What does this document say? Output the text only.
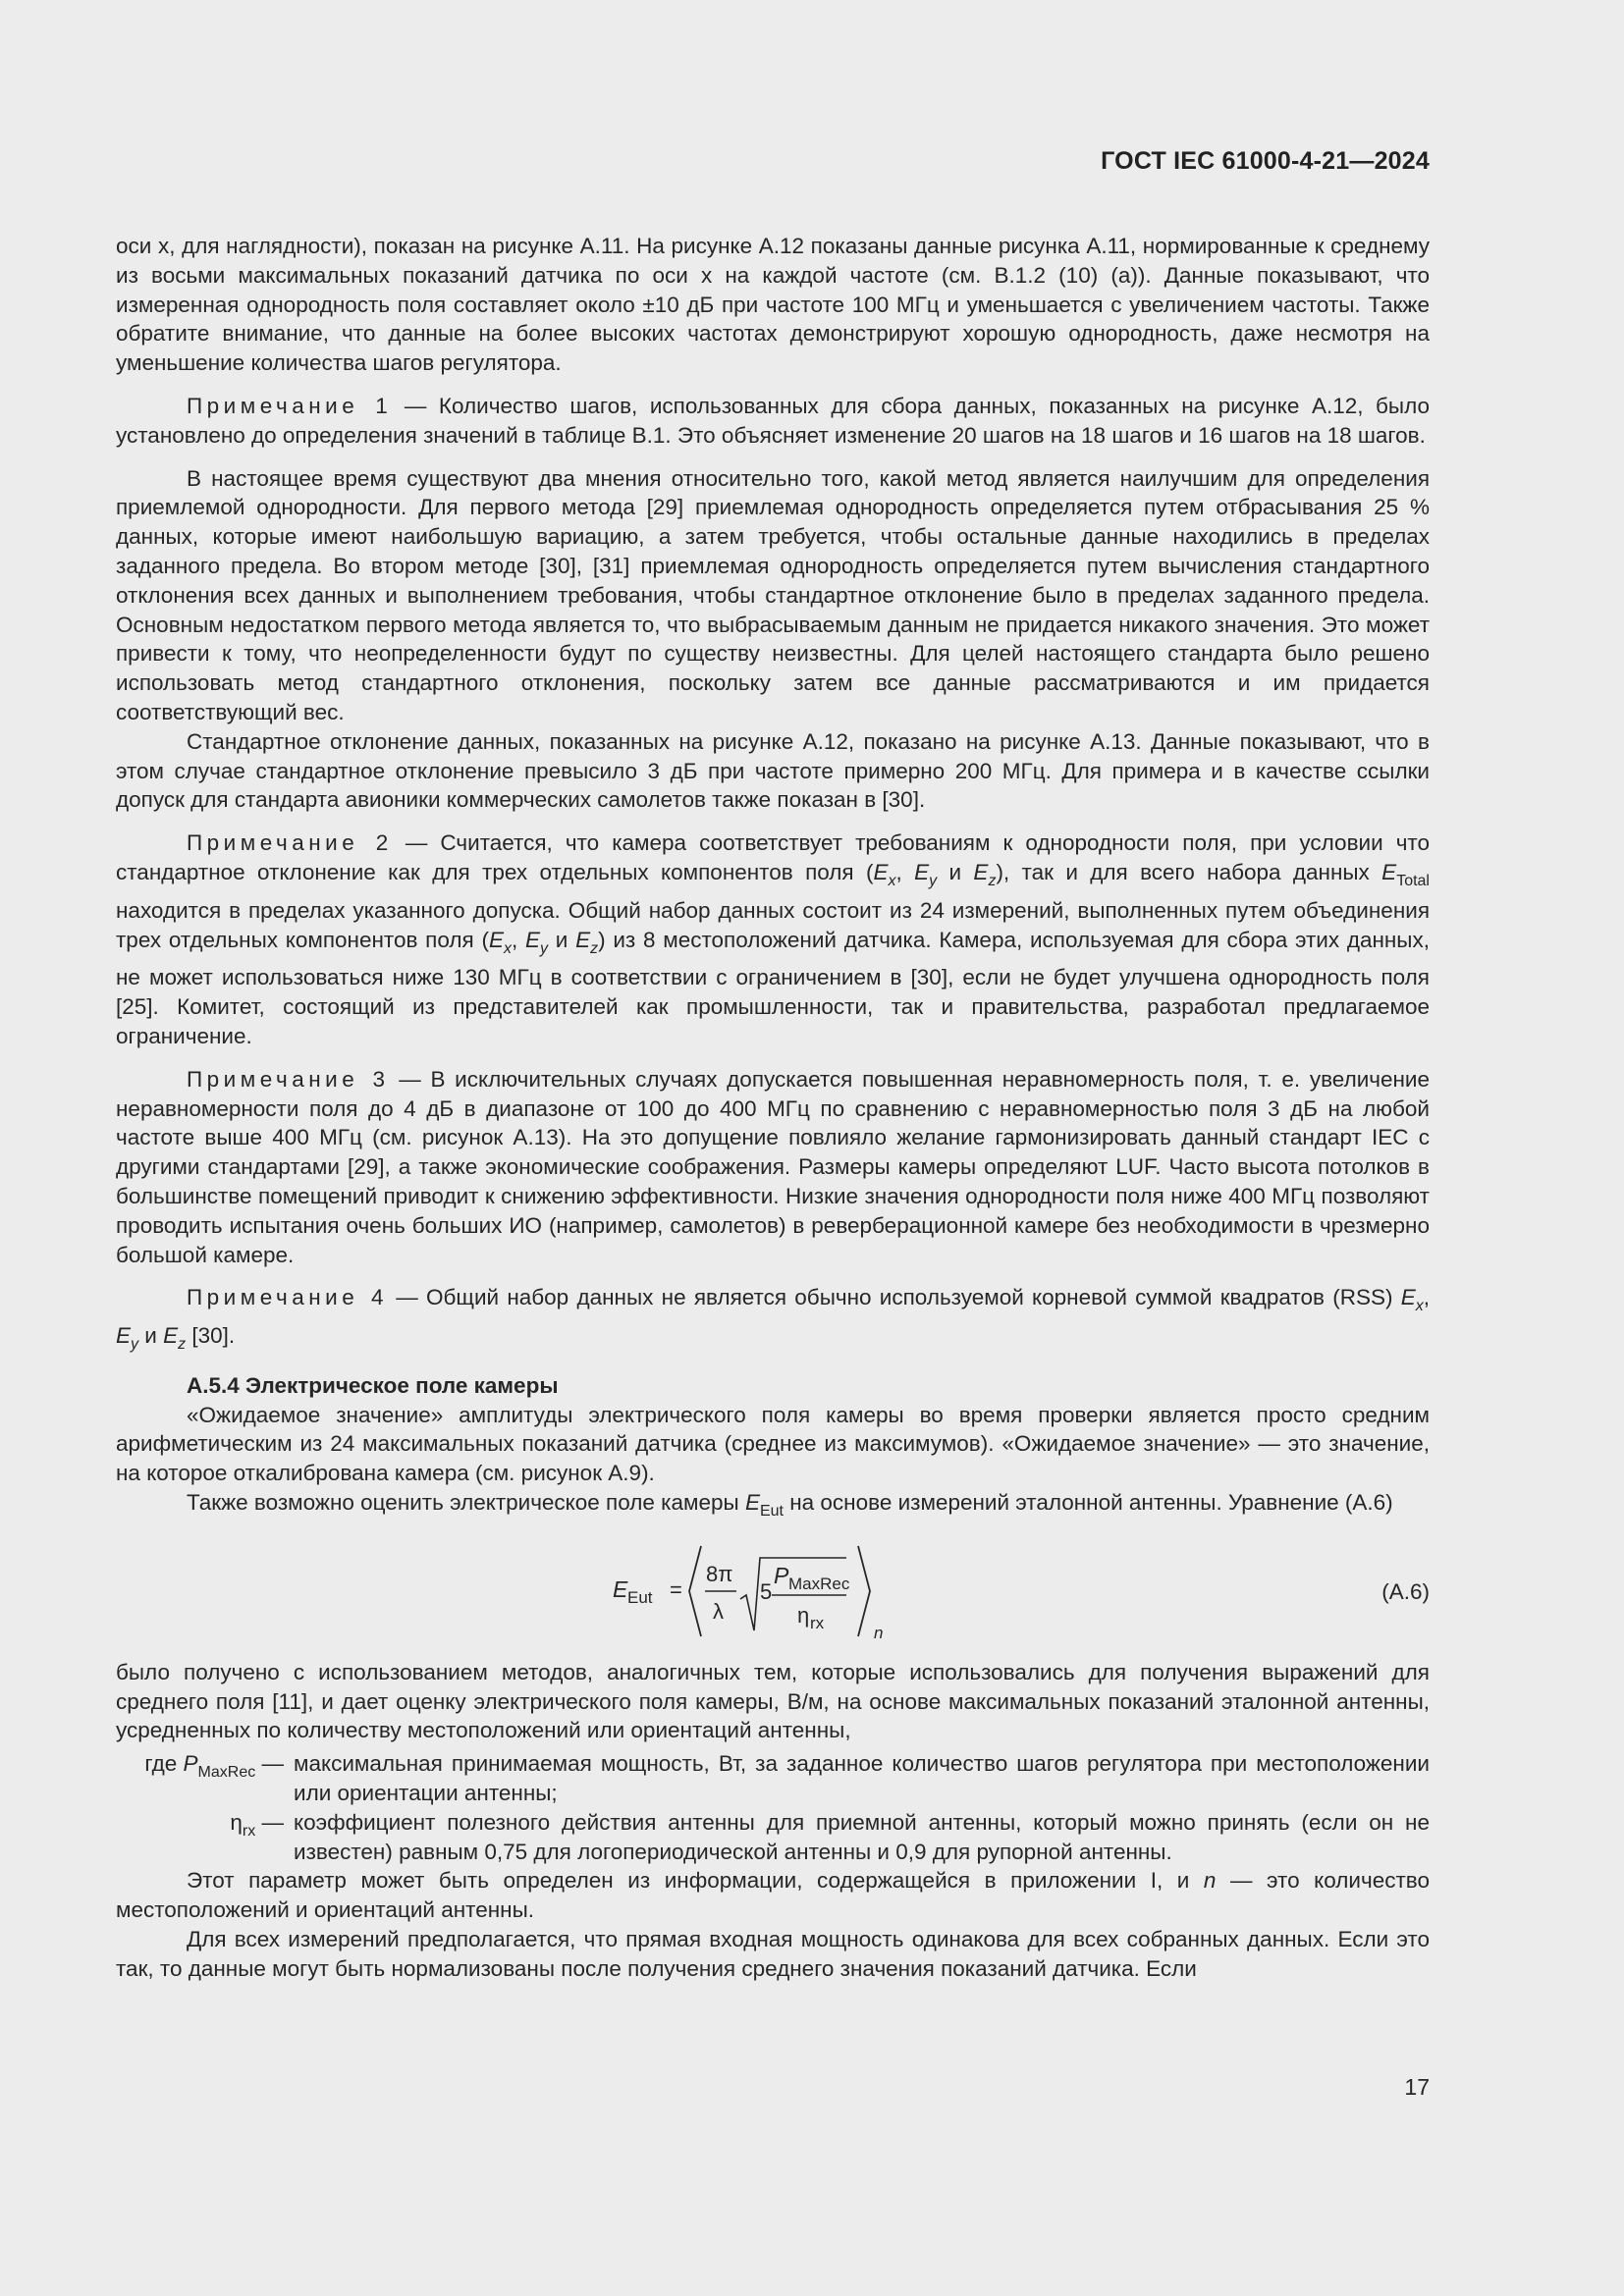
ГОСТ IEC 61000-4-21—2024

оси x, для наглядности), показан на рисунке А.11. На рисунке А.12 показаны данные рисунка А.11, нормированные к среднему из восьми максимальных показаний датчика по оси x на каждой частоте (см. В.1.2 (10) (a)). Данные показывают, что измеренная однородность поля составляет около ±10 дБ при частоте 100 МГц и уменьшается с увеличением частоты. Также обратите внимание, что данные на более высоких частотах демонстрируют хорошую однородность, даже несмотря на уменьшение количества шагов регулятора.

Примечание 1 — Количество шагов, использованных для сбора данных, показанных на рисунке А.12, было установлено до определения значений в таблице В.1. Это объясняет изменение 20 шагов на 18 шагов и 16 шагов на 18 шагов.

В настоящее время существуют два мнения относительно того, какой метод является наилучшим для определения приемлемой однородности. Для первого метода [29] приемлемая однородность определяется путем отбрасывания 25 % данных, которые имеют наибольшую вариацию, а затем требуется, чтобы остальные данные находились в пределах заданного предела. Во втором методе [30], [31] приемлемая однородность определяется путем вычисления стандартного отклонения всех данных и выполнением требования, чтобы стандартное отклонение было в пределах заданного предела. Основным недостатком первого метода является то, что выбрасываемым данным не придается никакого значения. Это может привести к тому, что неопределенности будут по существу неизвестны. Для целей настоящего стандарта было решено использовать метод стандартного отклонения, поскольку затем все данные рассматриваются и им придается соответствующий вес.

Стандартное отклонение данных, показанных на рисунке А.12, показано на рисунке А.13. Данные показывают, что в этом случае стандартное отклонение превысило 3 дБ при частоте примерно 200 МГц. Для примера и в качестве ссылки допуск для стандарта авионики коммерческих самолетов также показан в [30].

Примечание 2 — Считается, что камера соответствует требованиям к однородности поля, при условии что стандартное отклонение как для трех отдельных компонентов поля ($E_x$, $E_y$ и $E_z$), так и для всего набора данных $E_{Total}$ находится в пределах указанного допуска. Общий набор данных состоит из 24 измерений, выполненных путем объединения трех отдельных компонентов поля ($E_x$, $E_y$ и $E_z$) из 8 местоположений датчика. Камера, используемая для сбора этих данных, не может использоваться ниже 130 МГц в соответствии с ограничением в [30], если не будет улучшена однородность поля [25]. Комитет, состоящий из представителей как промышленности, так и правительства, разработал предлагаемое ограничение.

Примечание 3 — В исключительных случаях допускается повышенная неравномерность поля, т. е. увеличение неравномерности поля до 4 дБ в диапазоне от 100 до 400 МГц по сравнению с неравномерностью поля 3 дБ на любой частоте выше 400 МГц (см. рисунок А.13). На это допущение повлияло желание гармонизировать данный стандарт IEC с другими стандартами [29], а также экономические соображения. Размеры камеры определяют LUF. Часто высота потолков в большинстве помещений приводит к снижению эффективности. Низкие значения однородности поля ниже 400 МГц позволяют проводить испытания очень больших ИО (например, самолетов) в реверберационной камере без необходимости в чрезмерно большой камере.

Примечание 4 — Общий набор данных не является обычно используемой корневой суммой квадратов (RSS) $E_x$, $E_y$ и $E_z$ [30].

А.5.4 Электрическое поле камеры

«Ожидаемое значение» амплитуды электрического поля камеры во время проверки является просто средним арифметическим из 24 максимальных показаний датчика (среднее из максимумов). «Ожидаемое значение» — это значение, на которое откалибрована камера (см. рисунок А.9).

Также возможно оценить электрическое поле камеры $E_{Eut}$ на основе измерений эталонной антенны. Уравнение (А.6)

E Eut =
8π
λ
5
P MaxRec
η rx
n
(А.6)

было получено с использованием методов, аналогичных тем, которые использовались для получения выражений для среднего поля [11], и дает оценку электрического поля камеры, В/м, на основе максимальных показаний эталонной антенны, усредненных по количеству местоположений или ориентаций антенны,

где $P_{MaxRec}$ — максимальная принимаемая мощность, Вт, за заданное количество шагов регулятора при местоположении или ориентации антенны;
$\eta_{rx}$ — коэффициент полезного действия антенны для приемной антенны, который можно принять (если он не известен) равным 0,75 для логопериодической антенны и 0,9 для рупорной антенны.

Этот параметр может быть определен из информации, содержащейся в приложении I, и n — это количество местоположений и ориентаций антенны.

Для всех измерений предполагается, что прямая входная мощность одинакова для всех собранных данных. Если это так, то данные могут быть нормализованы после получения среднего значения показаний датчика. Если

17
